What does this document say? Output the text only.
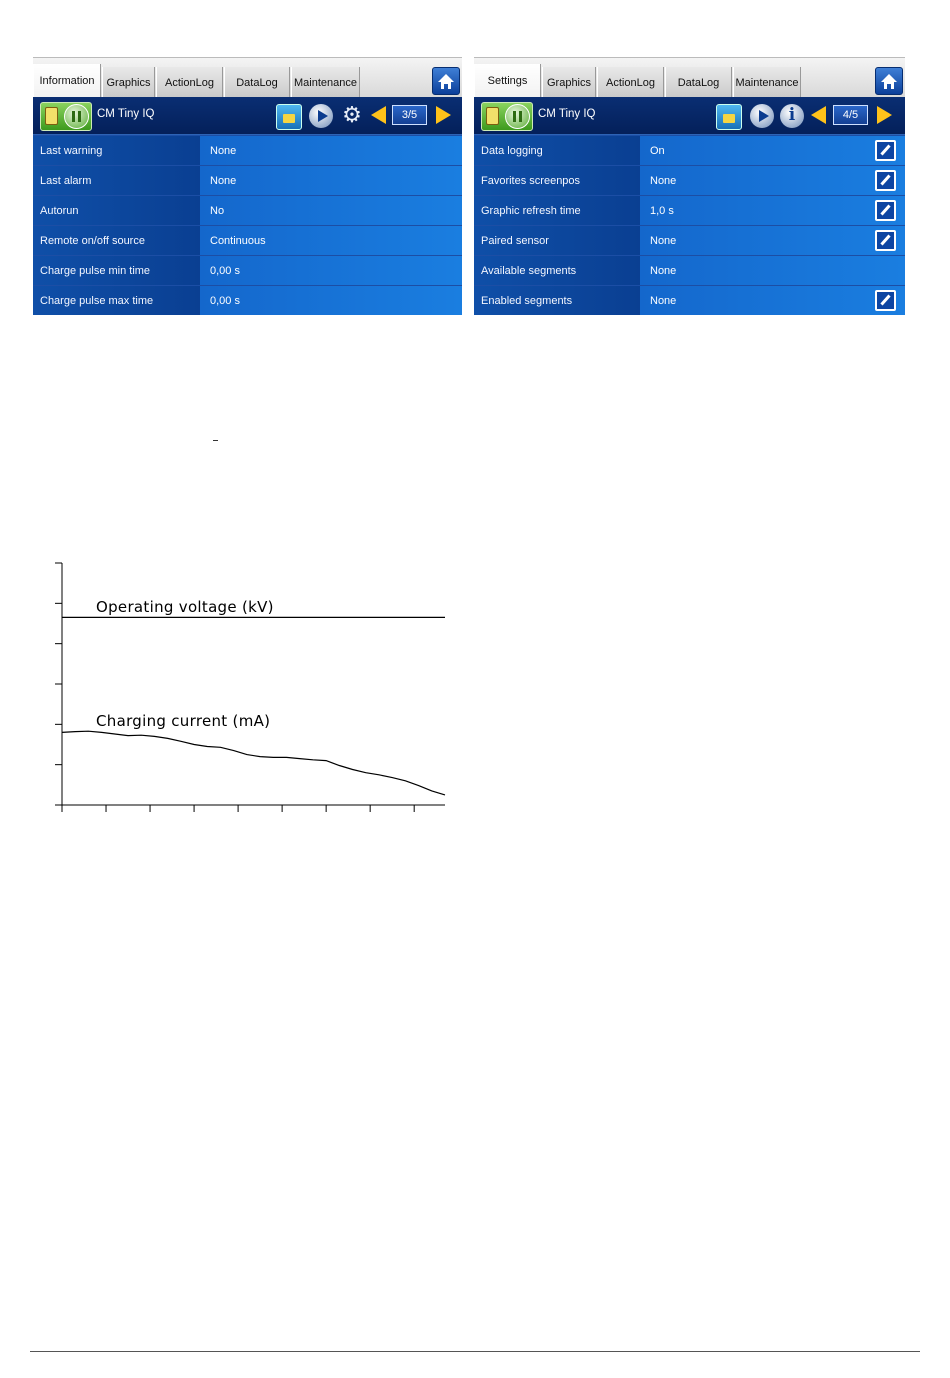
Information	Graphics	ActionLog	DataLog	Maintenance
CM Tiny IQ	⚙	3/5
Last warning	None
Last alarm	None
Autorun	No
Remote on/off source	Continuous
Charge pulse min time	0,00 s
Charge pulse max time	0,00 s
Settings	Graphics	ActionLog	DataLog	Maintenance
CM Tiny IQ
i	4/5
Data logging	On
Favorites screenpos	None
Graphic refresh time	1,0 s
Paired sensor	None
Available segments	None
Enabled segments	None
Operating voltage (kV)
Charging current (mA)
